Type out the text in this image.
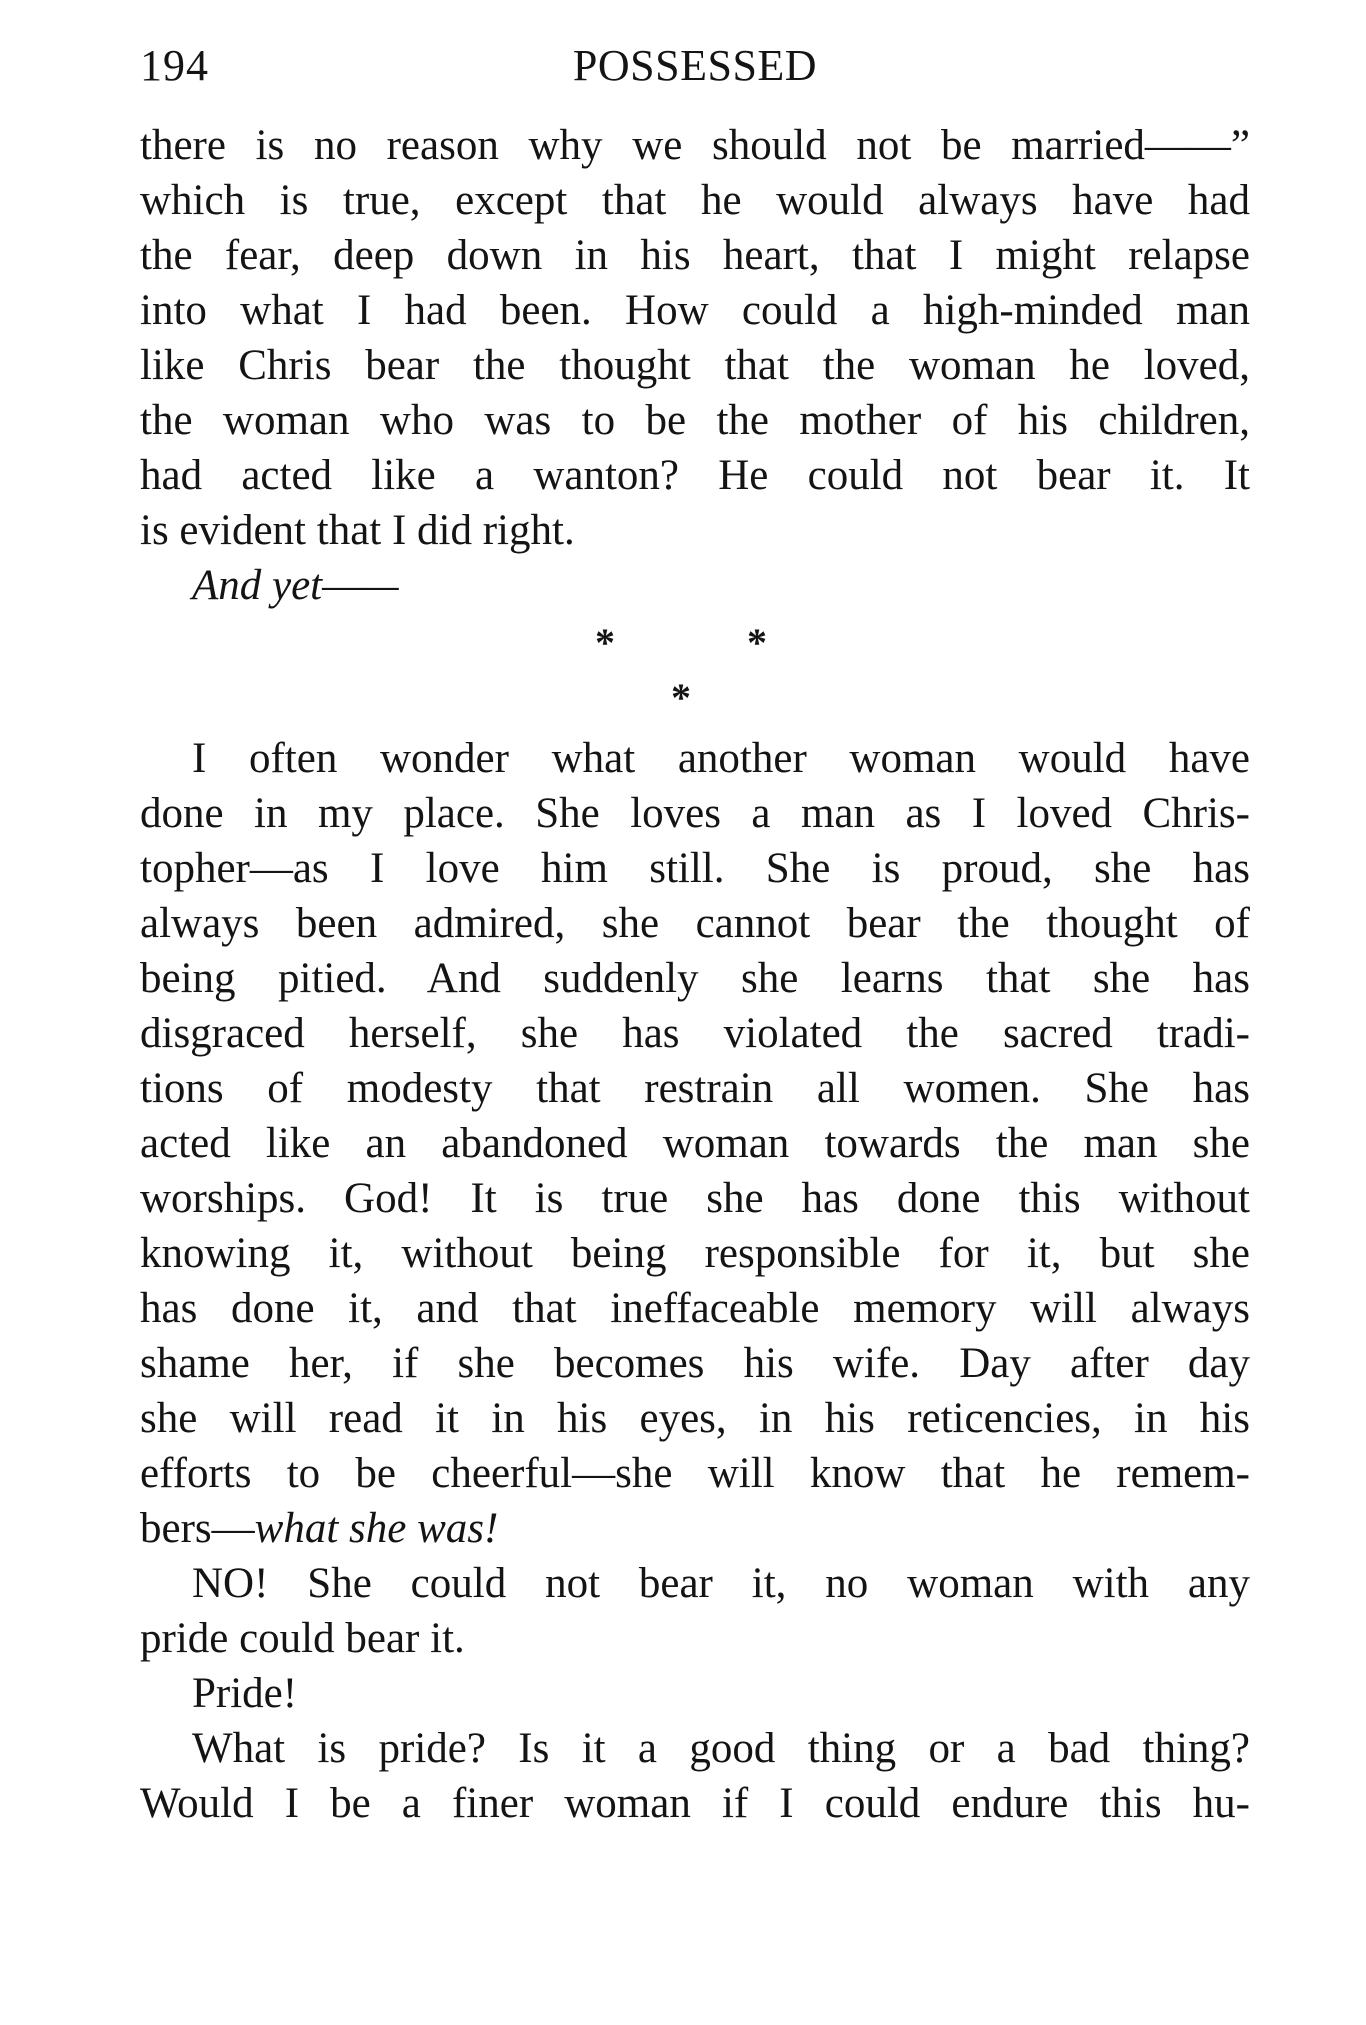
194	POSSESSED
there is no reason why we should not be married——”
which is true, except that he would always have had
the fear, deep down in his heart, that I might relapse
into what I had been. How could a high-minded man
like Chris bear the thought that the woman he loved,
the woman who was to be the mother of his children,
had acted like a wanton? He could not bear it. It
is evident that I did right.
And yet——
*	*
*
I often wonder what another woman would have
done in my place. She loves a man as I loved Chris-
topher—as I love him still. She is proud, she has
always been admired, she cannot bear the thought of
being pitied. And suddenly she learns that she has
disgraced herself, she has violated the sacred tradi-
tions of modesty that restrain all women. She has
acted like an abandoned woman towards the man she
worships. God! It is true she has done this without
knowing it, without being responsible for it, but she
has done it, and that ineffaceable memory will always
shame her, if she becomes his wife. Day after day
she will read it in his eyes, in his reticencies, in his
efforts to be cheerful—she will know that he remem-
bers—what she was!
NO! She could not bear it, no woman with any
pride could bear it.
Pride!
What is pride? Is it a good thing or a bad thing?
Would I be a finer woman if I could endure this hu-
